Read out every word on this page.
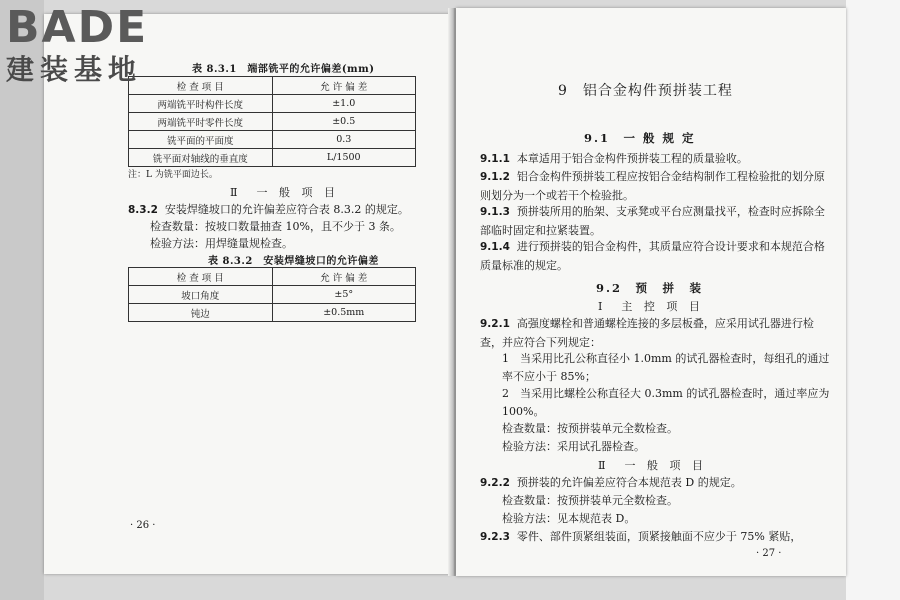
表 8.3.1　端部铣平的允许偏差(mm)
检 查 项 目	允 许 偏 差
两端铣平时构件长度	±1.0
两端铣平时零件长度	±0.5
铣平面的平面度	0.3
铣平面对轴线的垂直度	L/1500
注：L 为铣平面边长。
Ⅱ　一 般 项 目
8.3.2 安装焊缝坡口的允许偏差应符合表 8.3.2 的规定。
检查数量：按坡口数量抽查 10%，且不少于 3 条。
检验方法：用焊缝量规检查。
表 8.3.2　安装焊缝坡口的允许偏差
检 查 项 目	允 许 偏 差
坡口角度	±5°
钝边	±0.5mm
· 26 ·
9　铝合金构件预拼装工程
9.1　一 般 规 定
9.1.1 本章适用于铝合金构件预拼装工程的质量验收。
9.1.2 铝合金构件预拼装工程应按铝合金结构制作工程检验批的划分原则划分为一个或若干个检验批。
9.1.3 预拼装所用的胎架、支承凳或平台应测量找平，检查时应拆除全部临时固定和拉紧装置。
9.1.4 进行预拼装的铝合金构件，其质量应符合设计要求和本规范合格质量标准的规定。
9.2　预　拼　装
Ⅰ　主 控 项 目
9.2.1 高强度螺栓和普通螺栓连接的多层板叠，应采用试孔器进行检查，并应符合下列规定：
1　当采用比孔公称直径小 1.0mm 的试孔器检查时，每组孔的通过率不应小于 85%；
2　当采用比螺栓公称直径大 0.3mm 的试孔器检查时，通过率应为 100%。
检查数量：按预拼装单元全数检查。
检验方法：采用试孔器检查。
Ⅱ　一 般 项 目
9.2.2 预拼装的允许偏差应符合本规范表 D 的规定。
检查数量：按预拼装单元全数检查。
检验方法：见本规范表 D。
9.2.3 零件、部件顶紧组装面，顶紧接触面不应少于 75% 紧贴，
· 27 ·
BADE
建装基地
